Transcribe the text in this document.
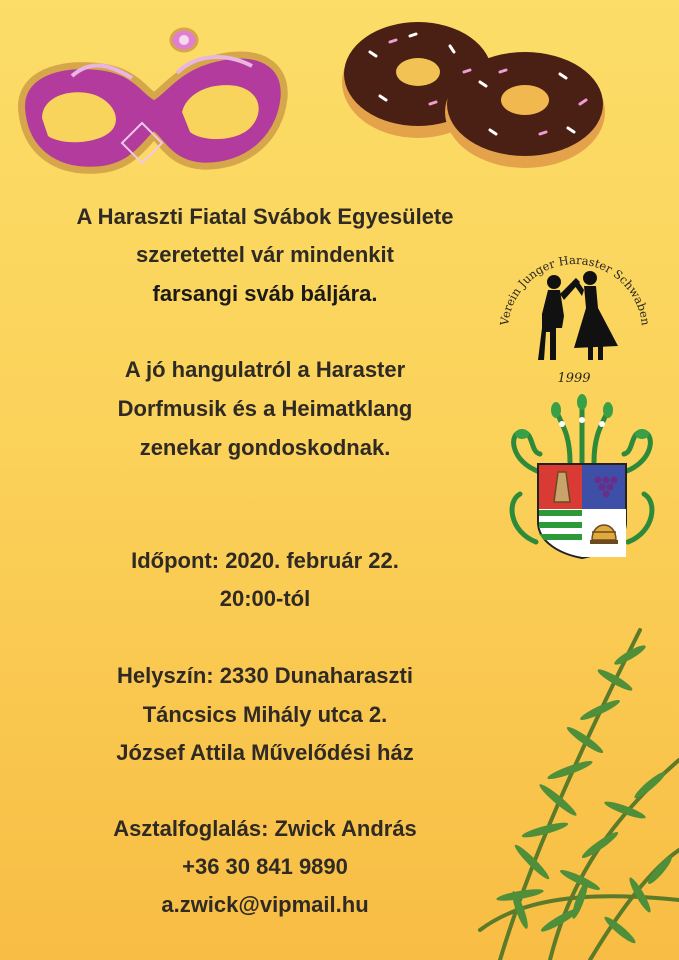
A Haraszti Fiatal Svábok Egyesülete
szeretettel vár mindenkit
farsangi sváb báljára.
A jó hangulatról a Haraster
Dorfmusik és a Heimatklang
zenekar gondoskodnak.
Időpont: 2020. február 22.
20:00-tól
Helyszín: 2330 Dunaharaszti
Táncsics Mihály utca 2.
József Attila Művelődési ház
Asztalfoglalás: Zwick András
+36 30 841 9890
a.zwick@vipmail.hu
Verein Junger Haraster Schwaben
1999
